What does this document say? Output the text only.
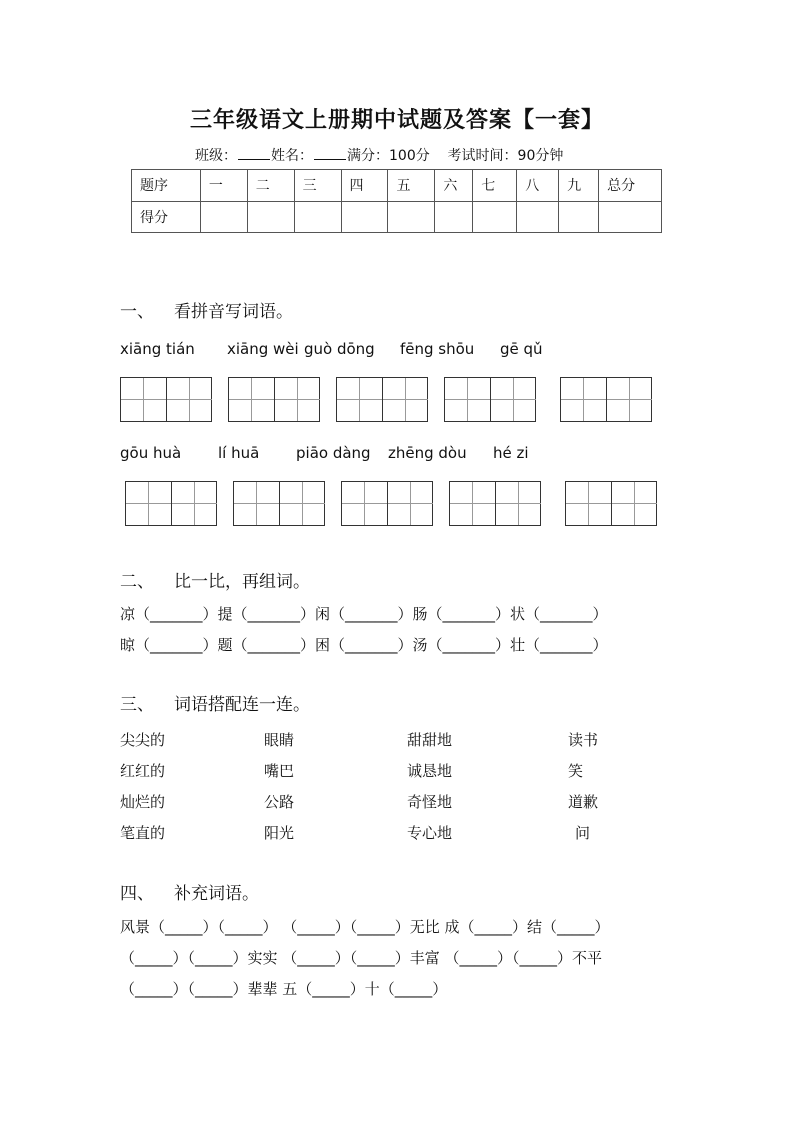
三年级语文上册期中试题及答案【一套】
班级： 姓名： 满分：100分 考试时间：90分钟
题序	一	二	三	四	五	六	七	八	九	总分
得分										
一、 看拼音写词语。
xiāng tián xiāng wèi guò dōng fēng shōu gē qǔ
gōu huà lí huā piāo dàng zhēng dòu hé zi
二、 比一比，再组词。
凉（_______）提（_______）闲（_______）肠（_______）状（_______）
晾（_______）题（_______）困（_______）汤（_______）壮（_______）
三、 词语搭配连一连。
尖尖的	眼睛	甜甜地	读书
红红的	嘴巴	诚恳地	笑
灿烂的	公路	奇怪地	道歉
笔直的	阳光	专心地	问
四、 补充词语。
风景（_____）（_____） （_____）（_____）无比 成（_____）结（_____）
（_____）（_____）实实 （_____）（_____）丰富 （_____）（_____）不平
（_____）（_____）辈辈 五（_____）十（_____）
